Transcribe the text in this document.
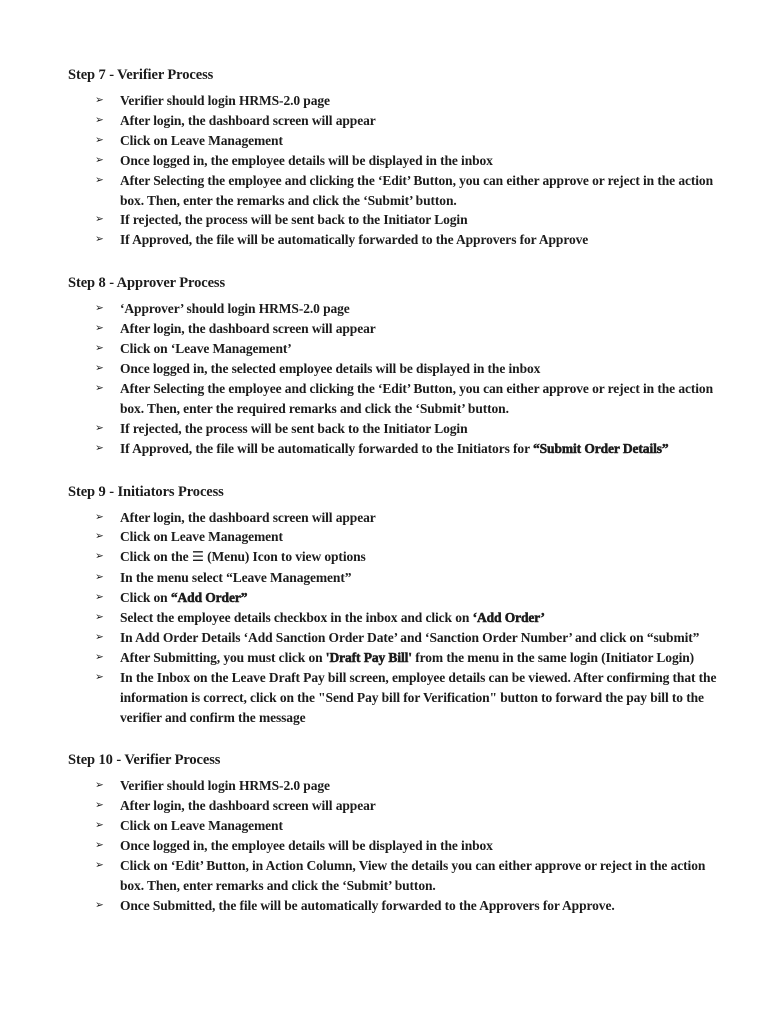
Step 7 - Verifier Process
➢	Verifier should login HRMS-2.0 page
➢	After login, the dashboard screen will appear
➢	Click on Leave Management
➢	Once logged in, the employee details will be displayed in the inbox
➢	After Selecting the employee and clicking the ‘Edit’ Button, you can either approve or reject in the action box. Then, enter the remarks and click the ‘Submit’ button.
➢	If rejected, the process will be sent back to the Initiator Login
➢	If Approved, the file will be automatically forwarded to the Approvers for Approve
Step 8 - Approver Process
➢	‘Approver’ should login HRMS-2.0 page
➢	After login, the dashboard screen will appear
➢	Click on ‘Leave Management’
➢	Once logged in, the selected employee details will be displayed in the inbox
➢	After Selecting the employee and clicking the ‘Edit’ Button, you can either approve or reject in the action box. Then, enter the required remarks and click the ‘Submit’ button.
➢	If rejected, the process will be sent back to the Initiator Login
➢	If Approved, the file will be automatically forwarded to the Initiators for “Submit Order Details”
Step 9 - Initiators Process
➢	After login, the dashboard screen will appear
➢	Click on Leave Management
➢	Click on the ☰ (Menu) Icon to view options
➢	In the menu select “Leave Management”
➢	Click on “Add Order”
➢	Select the employee details checkbox in the inbox and click on ‘Add Order’
➢	In Add Order Details ‘Add Sanction Order Date’ and ‘Sanction Order Number’ and click on “submit”
➢	After Submitting, you must click on 'Draft Pay Bill' from the menu in the same login (Initiator Login)
➢	In the Inbox on the Leave Draft Pay bill screen, employee details can be viewed. After confirming that the information is correct, click on the "Send Pay bill for Verification" button to forward the pay bill to the verifier and confirm the message
Step 10 - Verifier Process
➢	Verifier should login HRMS-2.0 page
➢	After login, the dashboard screen will appear
➢	Click on Leave Management
➢	Once logged in, the employee details will be displayed in the inbox
➢	Click on ‘Edit’ Button, in Action Column, View the details you can either approve or reject in the action box. Then, enter remarks and click the ‘Submit’ button.
➢	Once Submitted, the file will be automatically forwarded to the Approvers for Approve.
